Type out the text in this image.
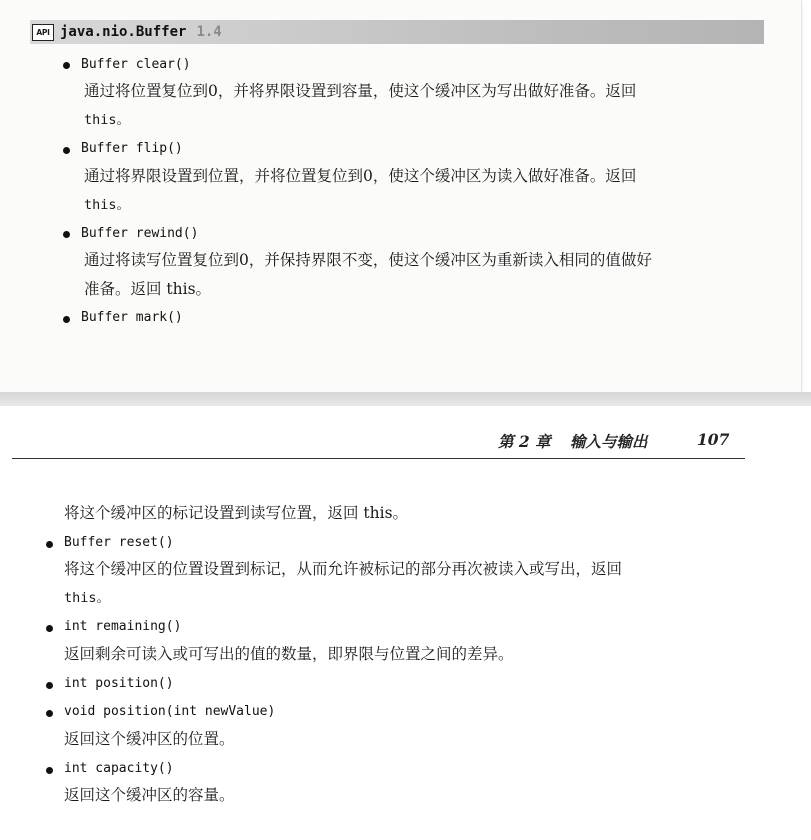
API java.nio.Buffer 1.4
Buffer clear()
通过将位置复位到0，并将界限设置到容量，使这个缓冲区为写出做好准备。返回
this。
Buffer flip()
通过将界限设置到位置，并将位置复位到0，使这个缓冲区为读入做好准备。返回
this。
Buffer rewind()
通过将读写位置复位到0，并保持界限不变，使这个缓冲区为重新读入相同的值做好
准备。返回 this。
Buffer mark()
第 2 章 输入与输出	107
将这个缓冲区的标记设置到读写位置，返回 this。
Buffer reset()
将这个缓冲区的位置设置到标记，从而允许被标记的部分再次被读入或写出，返回
this。
int remaining()
返回剩余可读入或可写出的值的数量，即界限与位置之间的差异。
int position()
void position(int newValue)
返回这个缓冲区的位置。
int capacity()
返回这个缓冲区的容量。
